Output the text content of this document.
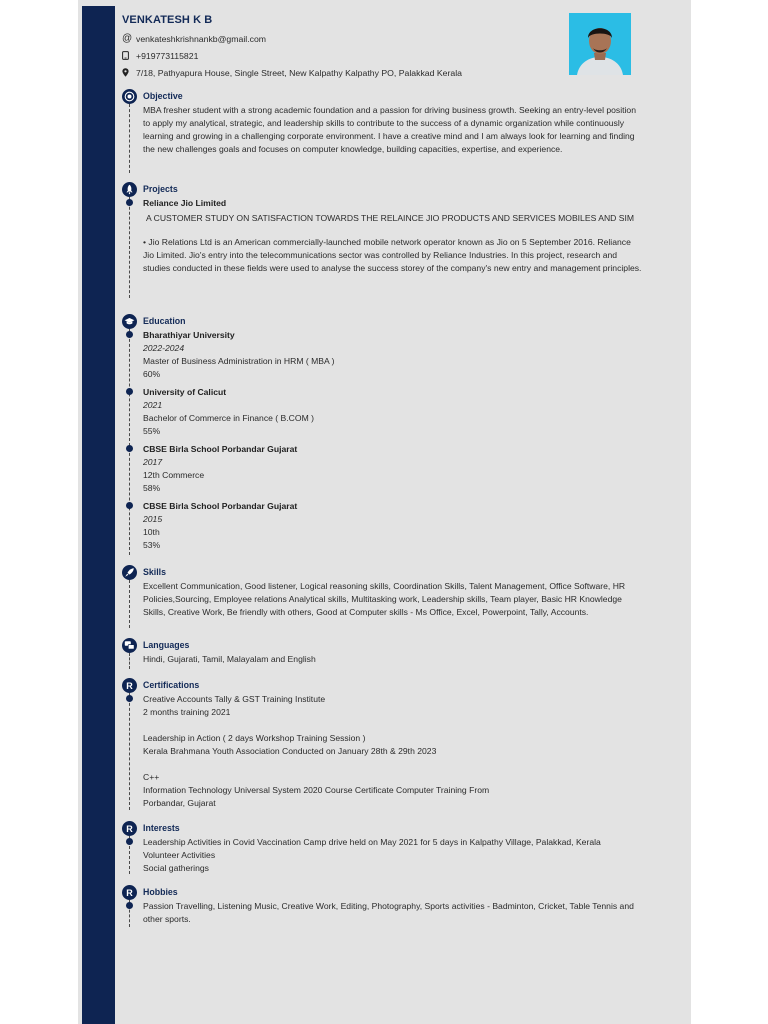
VENKATESH K B
@ venkateshkrishnankb@gmail.com
+919773115821
7/18, Pathyapura House, Single Street, New Kalpathy Kalpathy PO, Palakkad Kerala
Objective
MBA fresher student with a strong academic foundation and a passion for driving business growth. Seeking an entry-level position to apply my analytical, strategic, and leadership skills to contribute to the success of a dynamic organization while continuously learning and growing in a challenging corporate environment. I have a creative mind and I am always look for learning and finding the new challenges goals and focuses on computer knowledge, building capacities, expertise, and experience.
Projects
Reliance Jio Limited
A CUSTOMER STUDY ON SATISFACTION TOWARDS THE RELAINCE JIO PRODUCTS AND SERVICES MOBILES AND SIM
• Jio Relations Ltd is an American commercially-launched mobile network operator known as Jio on 5 September 2016. Reliance Jio Limited. Jio's entry into the telecommunications sector was controlled by Reliance Industries. In this project, research and studies conducted in these fields were used to analyse the success storey of the company's new entry and management principles.
Education
Bharathiyar University
2022-2024
Master of Business Administration in HRM ( MBA )
60%
University of Calicut
2021
Bachelor of Commerce in Finance ( B.COM )
55%
CBSE Birla School Porbandar Gujarat
2017
12th Commerce
58%
CBSE Birla School Porbandar Gujarat
2015
10th
53%
Skills
Excellent Communication, Good listener, Logical reasoning skills, Coordination Skills, Talent Management, Office Software, HR Policies,Sourcing, Employee relations Analytical skills, Multitasking work, Leadership skills, Team player, Basic HR Knowledge Skills, Creative Work, Be friendly with others, Good at Computer skills - Ms Office, Excel, Powerpoint, Tally, Accounts.
Languages
Hindi, Gujarati, Tamil, Malayalam and English
R Certifications
Creative Accounts Tally & GST Training Institute
2 months training 2021
Leadership in Action ( 2 days Workshop Training Session )
Kerala Brahmana Youth Association Conducted on January 28th & 29th 2023
C++
Information Technology Universal System 2020 Course Certificate Computer Training From
Porbandar, Gujarat
R Interests
Leadership Activities in Covid Vaccination Camp drive held on May 2021 for 5 days in Kalpathy Village, Palakkad, Kerala
Volunteer Activities
Social gatherings
R Hobbies
Passion Travelling, Listening Music, Creative Work, Editing, Photography, Sports activities - Badminton, Cricket, Table Tennis and other sports.
